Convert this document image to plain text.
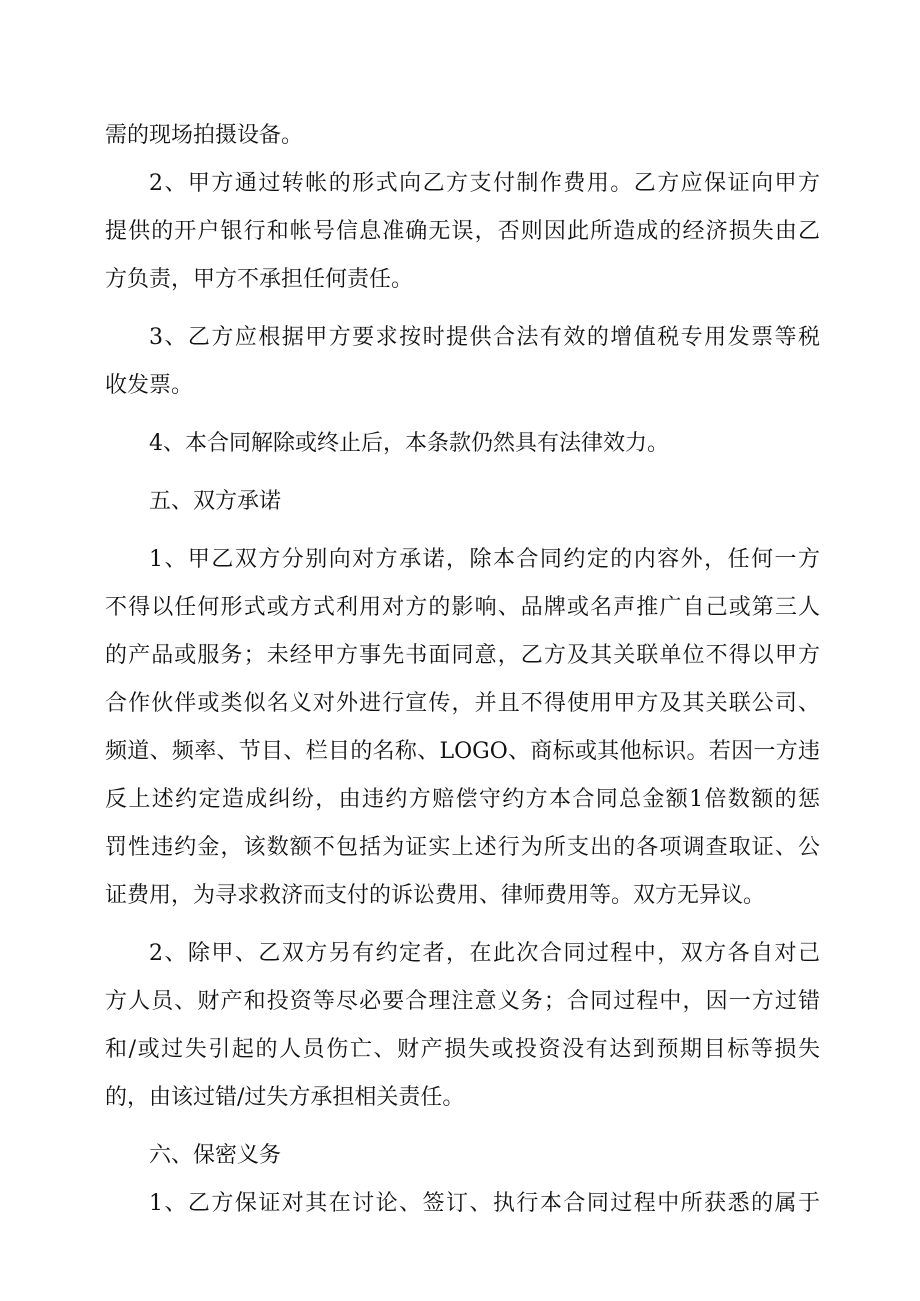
需的现场拍摄设备。
2、甲方通过转帐的形式向乙方支付制作费用。乙方应保证向甲方
提供的开户银行和帐号信息准确无误，否则因此所造成的经济损失由乙
方负责，甲方不承担任何责任。
3、乙方应根据甲方要求按时提供合法有效的增值税专用发票等税
收发票。
4、本合同解除或终止后，本条款仍然具有法律效力。
五、双方承诺
1、甲乙双方分别向对方承诺，除本合同约定的内容外，任何一方
不得以任何形式或方式利用对方的影响、品牌或名声推广自己或第三人
的产品或服务；未经甲方事先书面同意，乙方及其关联单位不得以甲方
合作伙伴或类似名义对外进行宣传，并且不得使用甲方及其关联公司、
频道、频率、节目、栏目的名称、LOGO、商标或其他标识。若因一方违
反上述约定造成纠纷，由违约方赔偿守约方本合同总金额1倍数额的惩
罚性违约金，该数额不包括为证实上述行为所支出的各项调查取证、公
证费用，为寻求救济而支付的诉讼费用、律师费用等。双方无异议。
2、除甲、乙双方另有约定者，在此次合同过程中，双方各自对己
方人员、财产和投资等尽必要合理注意义务；合同过程中，因一方过错
和/或过失引起的人员伤亡、财产损失或投资没有达到预期目标等损失
的，由该过错/过失方承担相关责任。
六、保密义务
1、乙方保证对其在讨论、签订、执行本合同过程中所获悉的属于
